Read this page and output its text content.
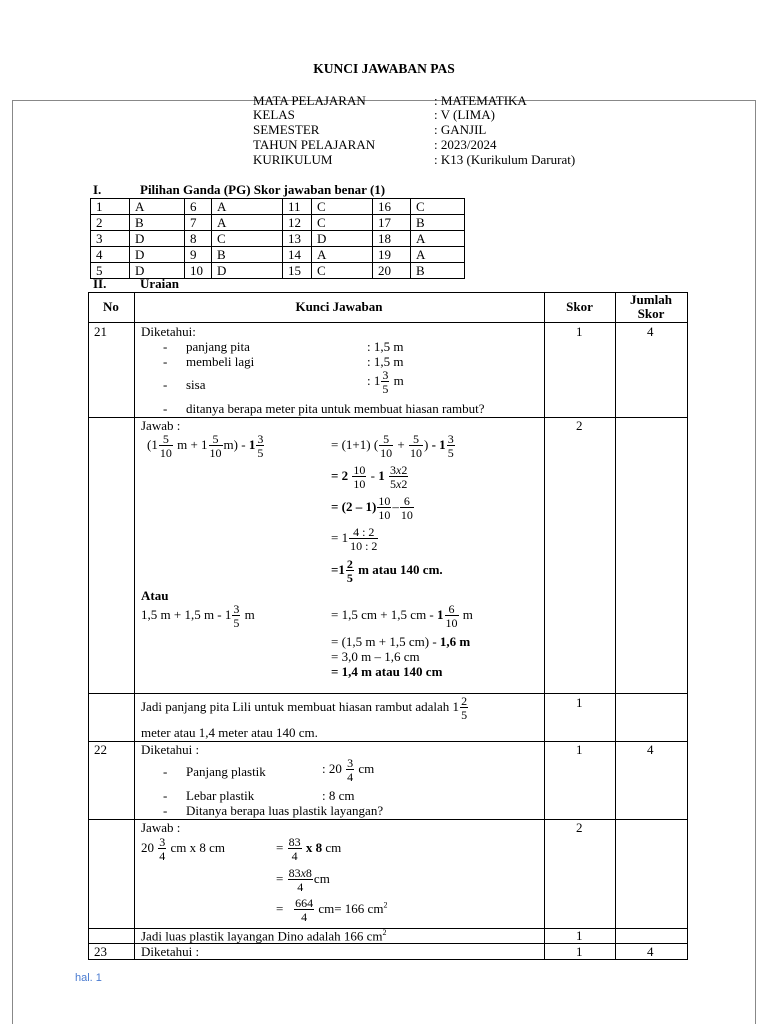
KUNCI JAWABAN PAS
MATA PELAJARAN	: MATEMATIKA
KELAS	: V (LIMA)
SEMESTER	: GANJIL
TAHUN PELAJARAN	: 2023/2024
KURIKULUM	: K13 (Kurikulum Darurat)
I.	Pilihan Ganda (PG) Skor jawaban benar (1)
1	A	6	A	11	C	16	C
2	B	7	A	12	C	17	B
3	D	8	C	13	D	18	A
4	D	9	B	14	A	19	A
5	D	10	D	15	C	20	B
II.	Uraian
No	Kunci Jawaban	Skor	Jumlah
Skor
21	Diketahui:	1	4
- panjang pita	: 1,5 m
- membeli lagi	: 1,5 m
- sisa	: $1 \frac{3}{5}$ m
- ditanya berapa meter pita untuk membuat hiasan rambut?
Jawab :	2
($1 \frac{5}{10}$ $m + 1 \frac{5}{10} m) - 1 \frac{3}{5}$	= (1+1) ( $\frac{5}{10} + \frac{5}{10}$ ) - $1 \frac{3}{5}$
= $2 \frac{10}{10} - 1 \frac{3x2}{5x2}$
= $(2 - 1) \frac{10}{10} - \frac{6}{10}$
= $1 \frac{4 : 2}{10 : 2}$
$=1 \frac{2}{5}$ m atau 140 cm.
Atau
1,5 m + 1,5 m - $1 \frac{3}{5}$ m	= 1,5 cm + 1,5 cm - $1 \frac{6}{10}$ m
= (1,5 m + 1,5 cm) - 1,6 m
= 3,0 m – 1,6 cm
= 1,4 m atau 140 cm
Jadi panjang pita Lili untuk membuat hiasan rambut adalah $1 \frac{2}{5}$
meter atau 1,4 meter atau 140 cm.
1
22	Diketahui :	1	4
- Panjang plastik	: $20 \frac{3}{4}$ cm
- Lebar plastik	: 8 cm
- Ditanya berapa luas plastik layangan?
Jawab :	2
$20 \frac{3}{4}$ cm x 8 cm	= $\frac{83}{4}$ x 8 cm
= $\frac{83x8}{4}$ cm
= $\frac{664}{4} cm= 166$ $cm^2$
Jadi luas plastik layangan Dino adalah 166 $cm^2$	1
23	Diketahui :	1	4
hal. 1
